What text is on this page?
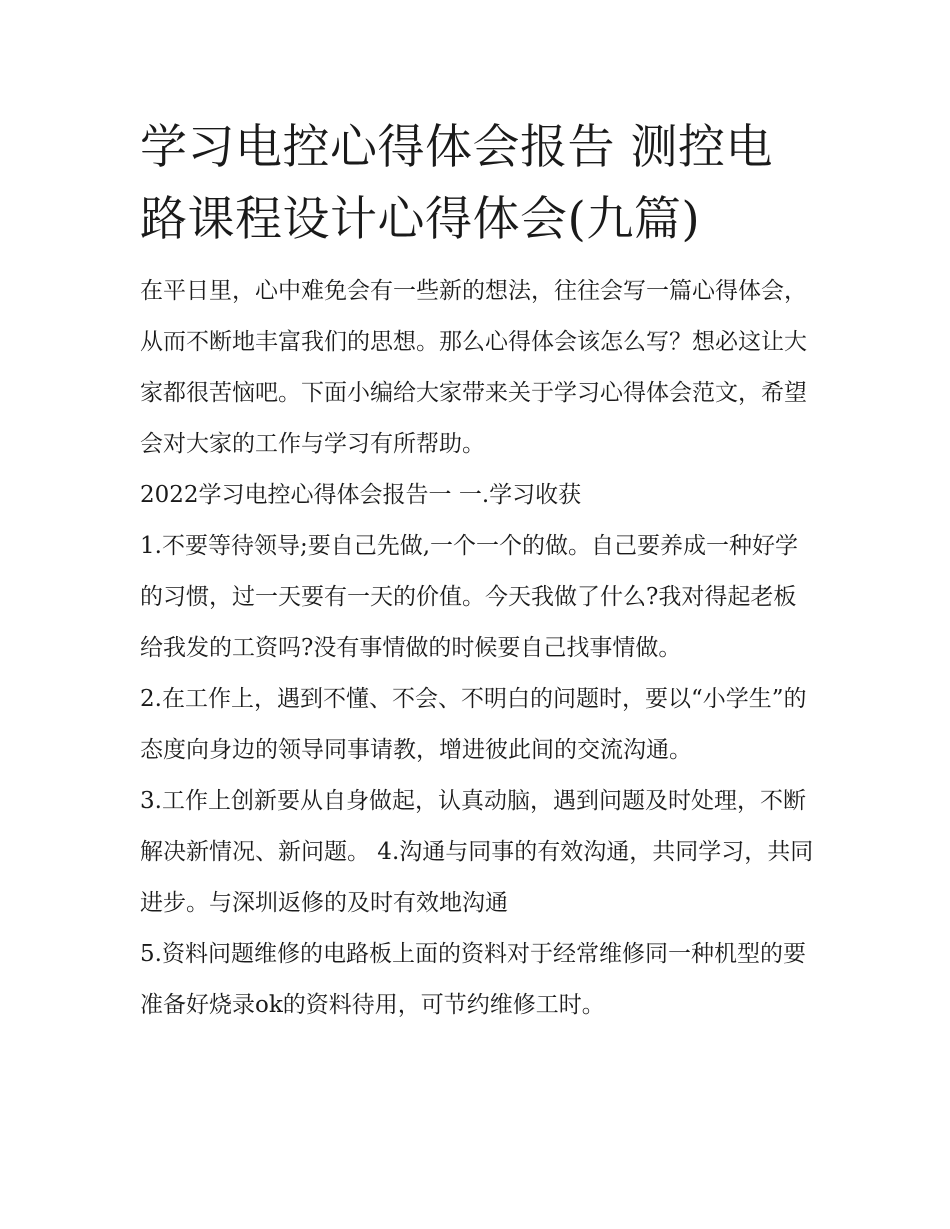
学习电控心得体会报告 测控电路课程设计心得体会(九篇)

在平日里，心中难免会有一些新的想法，往往会写一篇心得体会，从而不断地丰富我们的思想。那么心得体会该怎么写？想必这让大家都很苦恼吧。下面小编给大家带来关于学习心得体会范文，希望会对大家的工作与学习有所帮助。

2022学习电控心得体会报告一 一.学习收获

1.不要等待领导;要自己先做,一个一个的做。自己要养成一种好学的习惯，过一天要有一天的价值。今天我做了什么?我对得起老板给我发的工资吗?没有事情做的时候要自己找事情做。

2.在工作上，遇到不懂、不会、不明白的问题时，要以“小学生”的态度向身边的领导同事请教，增进彼此间的交流沟通。

3.工作上创新要从自身做起，认真动脑，遇到问题及时处理，不断解决新情况、新问题。 4.沟通与同事的有效沟通，共同学习，共同进步。与深圳返修的及时有效地沟通

5.资料问题维修的电路板上面的资料对于经常维修同一种机型的要准备好烧录ok的资料待用，可节约维修工时。
